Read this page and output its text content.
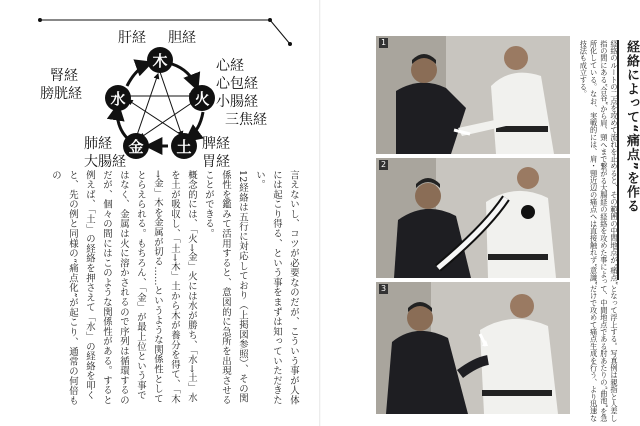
木
火
土
金
水
肝経 胆経
心経
心包経
小腸経
三焦経
脾経
胃経
肺経
大腸経
腎経
膀胱経

言えないし、コツが必要なのだが、こういう事が人体には起こり得る、という事をまずは知っていただきたい。

12経絡は五行に対応しており（上掲図参照）、その関係性を鑑みて活用すると、意図的に急所を出現させることができる。

概念的には、「火→金」火には水が勝ち、「水→土」水を土が吸収し、「土→木」土から木が養分を得て、「木→金」木を金属が切る……というような関係性としてとらえられる。もちろん、「金」が最上位という事ではなく、金属は火に溶かされるので序列は循環するのだが、個々の間にはこのような関係性がある。すると例えば、「土」の経絡を押さえて「水」の経絡を叩くと、先の例と同様の“痛点化”が起こり、通常の何倍もの

1
2
3
経絡によって“痛点”を作る
経絡のルートの二点を攻めて流れを止めると、その範囲の中間地点が“痛点”となって浮上する。写真例は親指と人差し指の間にある“合谷”から肩、頸へまで繋がる大腸経の経絡を攻めた事によって、中間地点である肘あたりの“曲池”を急所化している。なお、実戦的には、肩・頸近辺の痛点へは直接触れず“意識”だけで攻めて痛点生成を行う、より迅速な技法も成立する。
